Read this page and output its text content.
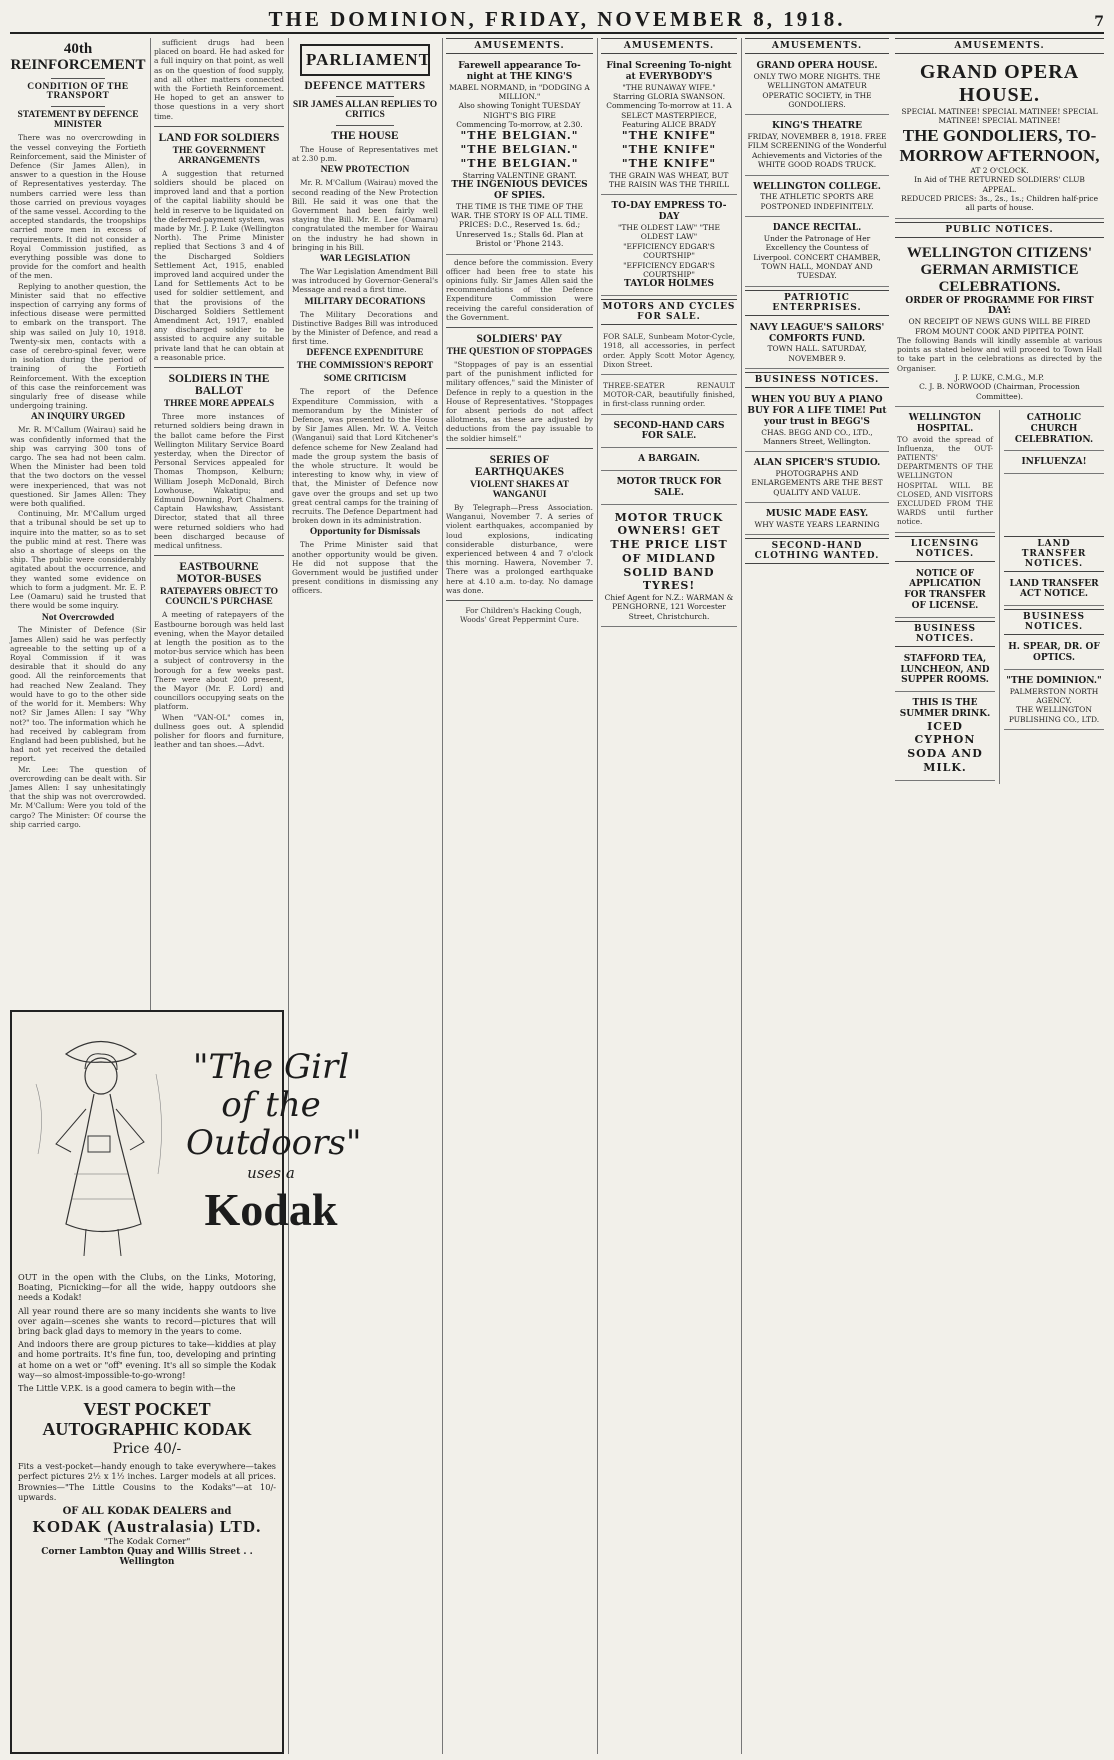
THE DOMINION, FRIDAY, NOVEMBER 8, 1918.	7
40th REINFORCEMENT
CONDITION OF THE TRANSPORT
STATEMENT BY DEFENCE MINISTER

There was no overcrowding in the vessel conveying the Fortieth Reinforcement, said the Minister of Defence (Sir James Allen), in answer to a question in the House of Representatives yesterday. The numbers carried were less than those carried on previous voyages of the same vessel. According to the accepted standards, the troopships carried more men in excess of requirements. It did not consider a Royal Commission justified, as everything possible was done to provide for the comfort and health of the men.

Replying to another question, the Minister said that no effective inspection of carrying any forms of infectious disease were permitted to embark on the transport. The ship was sailed on July 10, 1918. Twenty-six men, contacts with a case of cerebro-spinal fever, were in isolation during the period of training of the Fortieth Reinforcement. With the exception of this case the reinforcement was singularly free of disease while undergoing training.

AN INQUIRY URGED

Mr. R. M'Callum (Wairau) said he was confidently informed that the ship was carrying 300 tons of cargo. The sea had not been calm. When the Minister had been told that the two doctors on the vessel were inexperienced, that was not questioned. Sir James Allen: They were both qualified.

Continuing, Mr. M'Callum urged that a tribunal should be set up to inquire into the matter, so as to set the public mind at rest. There was also a shortage of sleeps on the ship. The public were considerably agitated about the occurrence, and they wanted some evidence on which to form a judgment. Mr. E. P. Lee (Oamaru) said he trusted that there would be some inquiry.

Not Overcrowded

The Minister of Defence (Sir James Allen) said he was perfectly agreeable to the setting up of a Royal Commission if it was desirable that it should do any good. All the reinforcements that had reached New Zealand. They would have to go to the other side of the world for it. Members: Why not? Sir James Allen: I say "Why not?" too. The information which he had received by cablegram from England had been published, but he had not yet received the detailed report.

Mr. Lee: The question of overcrowding can be dealt with. Sir James Allen: I say unhesitatingly that the ship was not overcrowded. Mr. M'Callum: Were you told of the cargo? The Minister: Of course the ship carried cargo.

sufficient drugs had been placed on board. He had asked for a full inquiry on that point, as well as on the question of food supply, and all other matters connected with the Fortieth Reinforcement. He hoped to get an answer to those questions in a very short time.

LAND FOR SOLDIERS
THE GOVERNMENT ARRANGEMENTS

A suggestion that returned soldiers should be placed on improved land and that a portion of the capital liability should be held in reserve to be liquidated on the deferred-payment system, was made by Mr. J. P. Luke (Wellington North). The Prime Minister replied that Sections 3 and 4 of the Discharged Soldiers Settlement Act, 1915, enabled improved land acquired under the Land for Settlements Act to be used for soldier settlement, and that the provisions of the Discharged Soldiers Settlement Amendment Act, 1917, enabled any discharged soldier to be assisted to acquire any suitable private land that he can obtain at a reasonable price.

SOLDIERS IN THE BALLOT
THREE MORE APPEALS

Three more instances of returned soldiers being drawn in the ballot came before the First Wellington Military Service Board yesterday, when the Director of Personal Services appealed for Thomas Thompson, Kelburn; William Joseph McDonald, Birch Lowhouse, Wakatipu; and Edmund Downing, Port Chalmers. Captain Hawkshaw, Assistant Director, stated that all three were returned soldiers who had been discharged because of medical unfitness.

EASTBOURNE MOTOR-BUSES
RATEPAYERS OBJECT TO COUNCIL'S PURCHASE

A meeting of ratepayers of the Eastbourne borough was held last evening, when the Mayor detailed at length the position as to the motor-bus service which has been a subject of controversy in the borough for a few weeks past. There were about 200 present, the Mayor (Mr. F. Lord) and councillors occupying seats on the platform.

When "VAN-OL" comes in, dullness goes out. A splendid polisher for floors and furniture, leather and tan shoes.—Advt.

"The Girl of the Outdoors"
uses a
Kodak

OUT in the open with the Clubs, on the Links, Motoring, Boating, Picnicking—for all the wide, happy outdoors she needs a Kodak!

All year round there are so many incidents she wants to live over again—scenes she wants to record—pictures that will bring back glad days to memory in the years to come.

And indoors there are group pictures to take—kiddies at play and home portraits. It's fine fun, too, developing and printing at home on a wet or "off" evening. It's all so simple the Kodak way—so almost-impossible-to-go-wrong!

The Little V.P.K. is a good camera to begin with—the

VEST POCKET AUTOGRAPHIC KODAK
Price 40/-
Fits a vest-pocket—handy enough to take everywhere—takes perfect pictures 2½ x 1½ inches. Larger models at all prices. Brownies—"The Little Cousins to the Kodaks"—at 10/- upwards.
OF ALL KODAK DEALERS and
KODAK (Australasia) LTD.
"The Kodak Corner"
Corner Lambton Quay and Willis Street . . Wellington
PARLIAMENT
DEFENCE MATTERS
SIR JAMES ALLAN REPLIES TO CRITICS
THE HOUSE

The House of Representatives met at 2.30 p.m.

NEW PROTECTION

Mr. R. M'Callum (Wairau) moved the second reading of the New Protection Bill. He said it was one that the Government had been fairly well staying the Bill. Mr. E. Lee (Oamaru) congratulated the member for Wairau on the industry he had shown in bringing in his Bill.

WAR LEGISLATION

The War Legislation Amendment Bill was introduced by Governor-General's Message and read a first time.

MILITARY DECORATIONS

The Military Decorations and Distinctive Badges Bill was introduced by the Minister of Defence, and read a first time.

DEFENCE EXPENDITURE
THE COMMISSION'S REPORT
SOME CRITICISM

The report of the Defence Expenditure Commission, with a memorandum by the Minister of Defence, was presented to the House by Sir James Allen. Mr. W. A. Veitch (Wanganui) said that Lord Kitchener's defence scheme for New Zealand had made the group system the basis of the whole structure. It would be interesting to know why, in view of that, the Minister of Defence now gave over the groups and set up two great central camps for the training of recruits. The Defence Department had broken down in its administration.

Opportunity for Dismissals

The Prime Minister said that another opportunity would be given. He did not suppose that the Government would be justified under present conditions in dismissing any officers.

AMUSEMENTS.
Farewell appearance To-night at THE KING'S
MABEL NORMAND, in "DODGING A MILLION."
Also showing Tonight TUESDAY NIGHT'S BIG FIRE
Commencing To-morrow, at 2.30.
"THE BELGIAN."
"THE BELGIAN."
"THE BELGIAN."
Starring VALENTINE GRANT.
THE INGENIOUS DEVICES OF SPIES.
THE TIME IS THE TIME OF THE WAR. THE STORY IS OF ALL TIME.
PRICES: D.C., Reserved 1s. 6d.; Unreserved 1s.; Stalls 6d. Plan at Bristol or 'Phone 2143.

dence before the commission. Every officer had been free to state his opinions fully. Sir James Allen said the recommendations of the Defence Expenditure Commission were receiving the careful consideration of the Government.

SOLDIERS' PAY
THE QUESTION OF STOPPAGES

"Stoppages of pay is an essential part of the punishment inflicted for military offences," said the Minister of Defence in reply to a question in the House of Representatives. "Stoppages for absent periods do not affect allotments, as these are adjusted by deductions from the pay issuable to the soldier himself."

SERIES OF EARTHQUAKES
VIOLENT SHAKES AT WANGANUI

By Telegraph—Press Association. Wanganui, November 7. A series of violent earthquakes, accompanied by loud explosions, indicating considerable disturbance, were experienced between 4 and 7 o'clock this morning. Hawera, November 7. There was a prolonged earthquake here at 4.10 a.m. to-day. No damage was done.

For Children's Hacking Cough, Woods' Great Peppermint Cure.

AMUSEMENTS.
Final Screening To-night at EVERYBODY'S
"THE RUNAWAY WIFE."
Starring GLORIA SWANSON.
Commencing To-morrow at 11. A SELECT MASTERPIECE, Featuring ALICE BRADY
"THE KNIFE"
"THE KNIFE"
"THE KNIFE"
THE GRAIN WAS WHEAT, BUT THE RAISIN WAS THE THRILL
TO-DAY EMPRESS TO-DAY
"THE OLDEST LAW" "THE OLDEST LAW"
"EFFICIENCY EDGAR'S COURTSHIP"
"EFFICIENCY EDGAR'S COURTSHIP"
TAYLOR HOLMES
MOTORS AND CYCLES FOR SALE.
FOR SALE, Sunbeam Motor-Cycle, 1918, all accessories, in perfect order. Apply Scott Motor Agency, Dixon Street.
THREE-SEATER RENAULT MOTOR-CAR, beautifully finished, in first-class running order.
SECOND-HAND CARS FOR SALE.
A BARGAIN.
MOTOR TRUCK FOR SALE.
MOTOR TRUCK OWNERS! GET THE PRICE LIST OF MIDLAND SOLID BAND TYRES!
Chief Agent for N.Z.: WARMAN & PENGHORNE, 121 Worcester Street, Christchurch.
AMUSEMENTS.
GRAND OPERA HOUSE.
ONLY TWO MORE NIGHTS. THE WELLINGTON AMATEUR OPERATIC SOCIETY, in THE GONDOLIERS.
KING'S THEATRE
FRIDAY, NOVEMBER 8, 1918. FREE FILM SCREENING of the Wonderful Achievements and Victories of the WHITE GOOD ROADS TRUCK.
WELLINGTON COLLEGE.
THE ATHLETIC SPORTS ARE POSTPONED INDEFINITELY.
DANCE RECITAL.
Under the Patronage of Her Excellency the Countess of Liverpool. CONCERT CHAMBER, TOWN HALL, MONDAY AND TUESDAY.
PATRIOTIC ENTERPRISES.
NAVY LEAGUE'S SAILORS' COMFORTS FUND.
TOWN HALL. SATURDAY, NOVEMBER 9.
BUSINESS NOTICES.
WHEN YOU BUY A PIANO BUY FOR A LIFE TIME! Put your trust in BEGG'S
CHAS. BEGG AND CO., LTD., Manners Street, Wellington.
ALAN SPICER'S STUDIO.
PHOTOGRAPHS AND ENLARGEMENTS ARE THE BEST QUALITY AND VALUE.
MUSIC MADE EASY.
WHY WASTE YEARS LEARNING
SECOND-HAND CLOTHING WANTED.
AMUSEMENTS.
GRAND OPERA HOUSE.
SPECIAL MATINEE! SPECIAL MATINEE! SPECIAL MATINEE! SPECIAL MATINEE!
THE GONDOLIERS, TO-MORROW AFTERNOON,
AT 2 O'CLOCK.
In Aid of THE RETURNED SOLDIERS' CLUB APPEAL.
REDUCED PRICES: 3s., 2s., 1s.; Children half-price all parts of house.
PUBLIC NOTICES.
WELLINGTON CITIZENS' GERMAN ARMISTICE CELEBRATIONS.
ORDER OF PROGRAMME FOR FIRST DAY:
ON RECEIPT OF NEWS GUNS WILL BE FIRED FROM MOUNT COOK AND PIPITEA POINT.
The following Bands will kindly assemble at various points as stated below and will proceed to Town Hall to take part in the celebrations as directed by the Organiser.
J. P. LUKE, C.M.G., M.P.
C. J. B. NORWOOD (Chairman, Procession Committee).
WELLINGTON HOSPITAL.
TO avoid the spread of Influenza, the OUT-PATIENTS' DEPARTMENTS OF THE WELLINGTON HOSPITAL WILL BE CLOSED, AND VISITORS EXCLUDED FROM THE WARDS until further notice.
CATHOLIC CHURCH CELEBRATION.
INFLUENZA!
LICENSING NOTICES.
NOTICE OF APPLICATION FOR TRANSFER OF LICENSE.
BUSINESS NOTICES.
STAFFORD TEA, LUNCHEON, AND SUPPER ROOMS.
THIS IS THE SUMMER DRINK.
ICED CYPHON SODA AND MILK.
LAND TRANSFER NOTICES.
LAND TRANSFER ACT NOTICE.
BUSINESS NOTICES.
H. SPEAR, DR. OF OPTICS.
"THE DOMINION."
PALMERSTON NORTH AGENCY.
THE WELLINGTON PUBLISHING CO., LTD.
